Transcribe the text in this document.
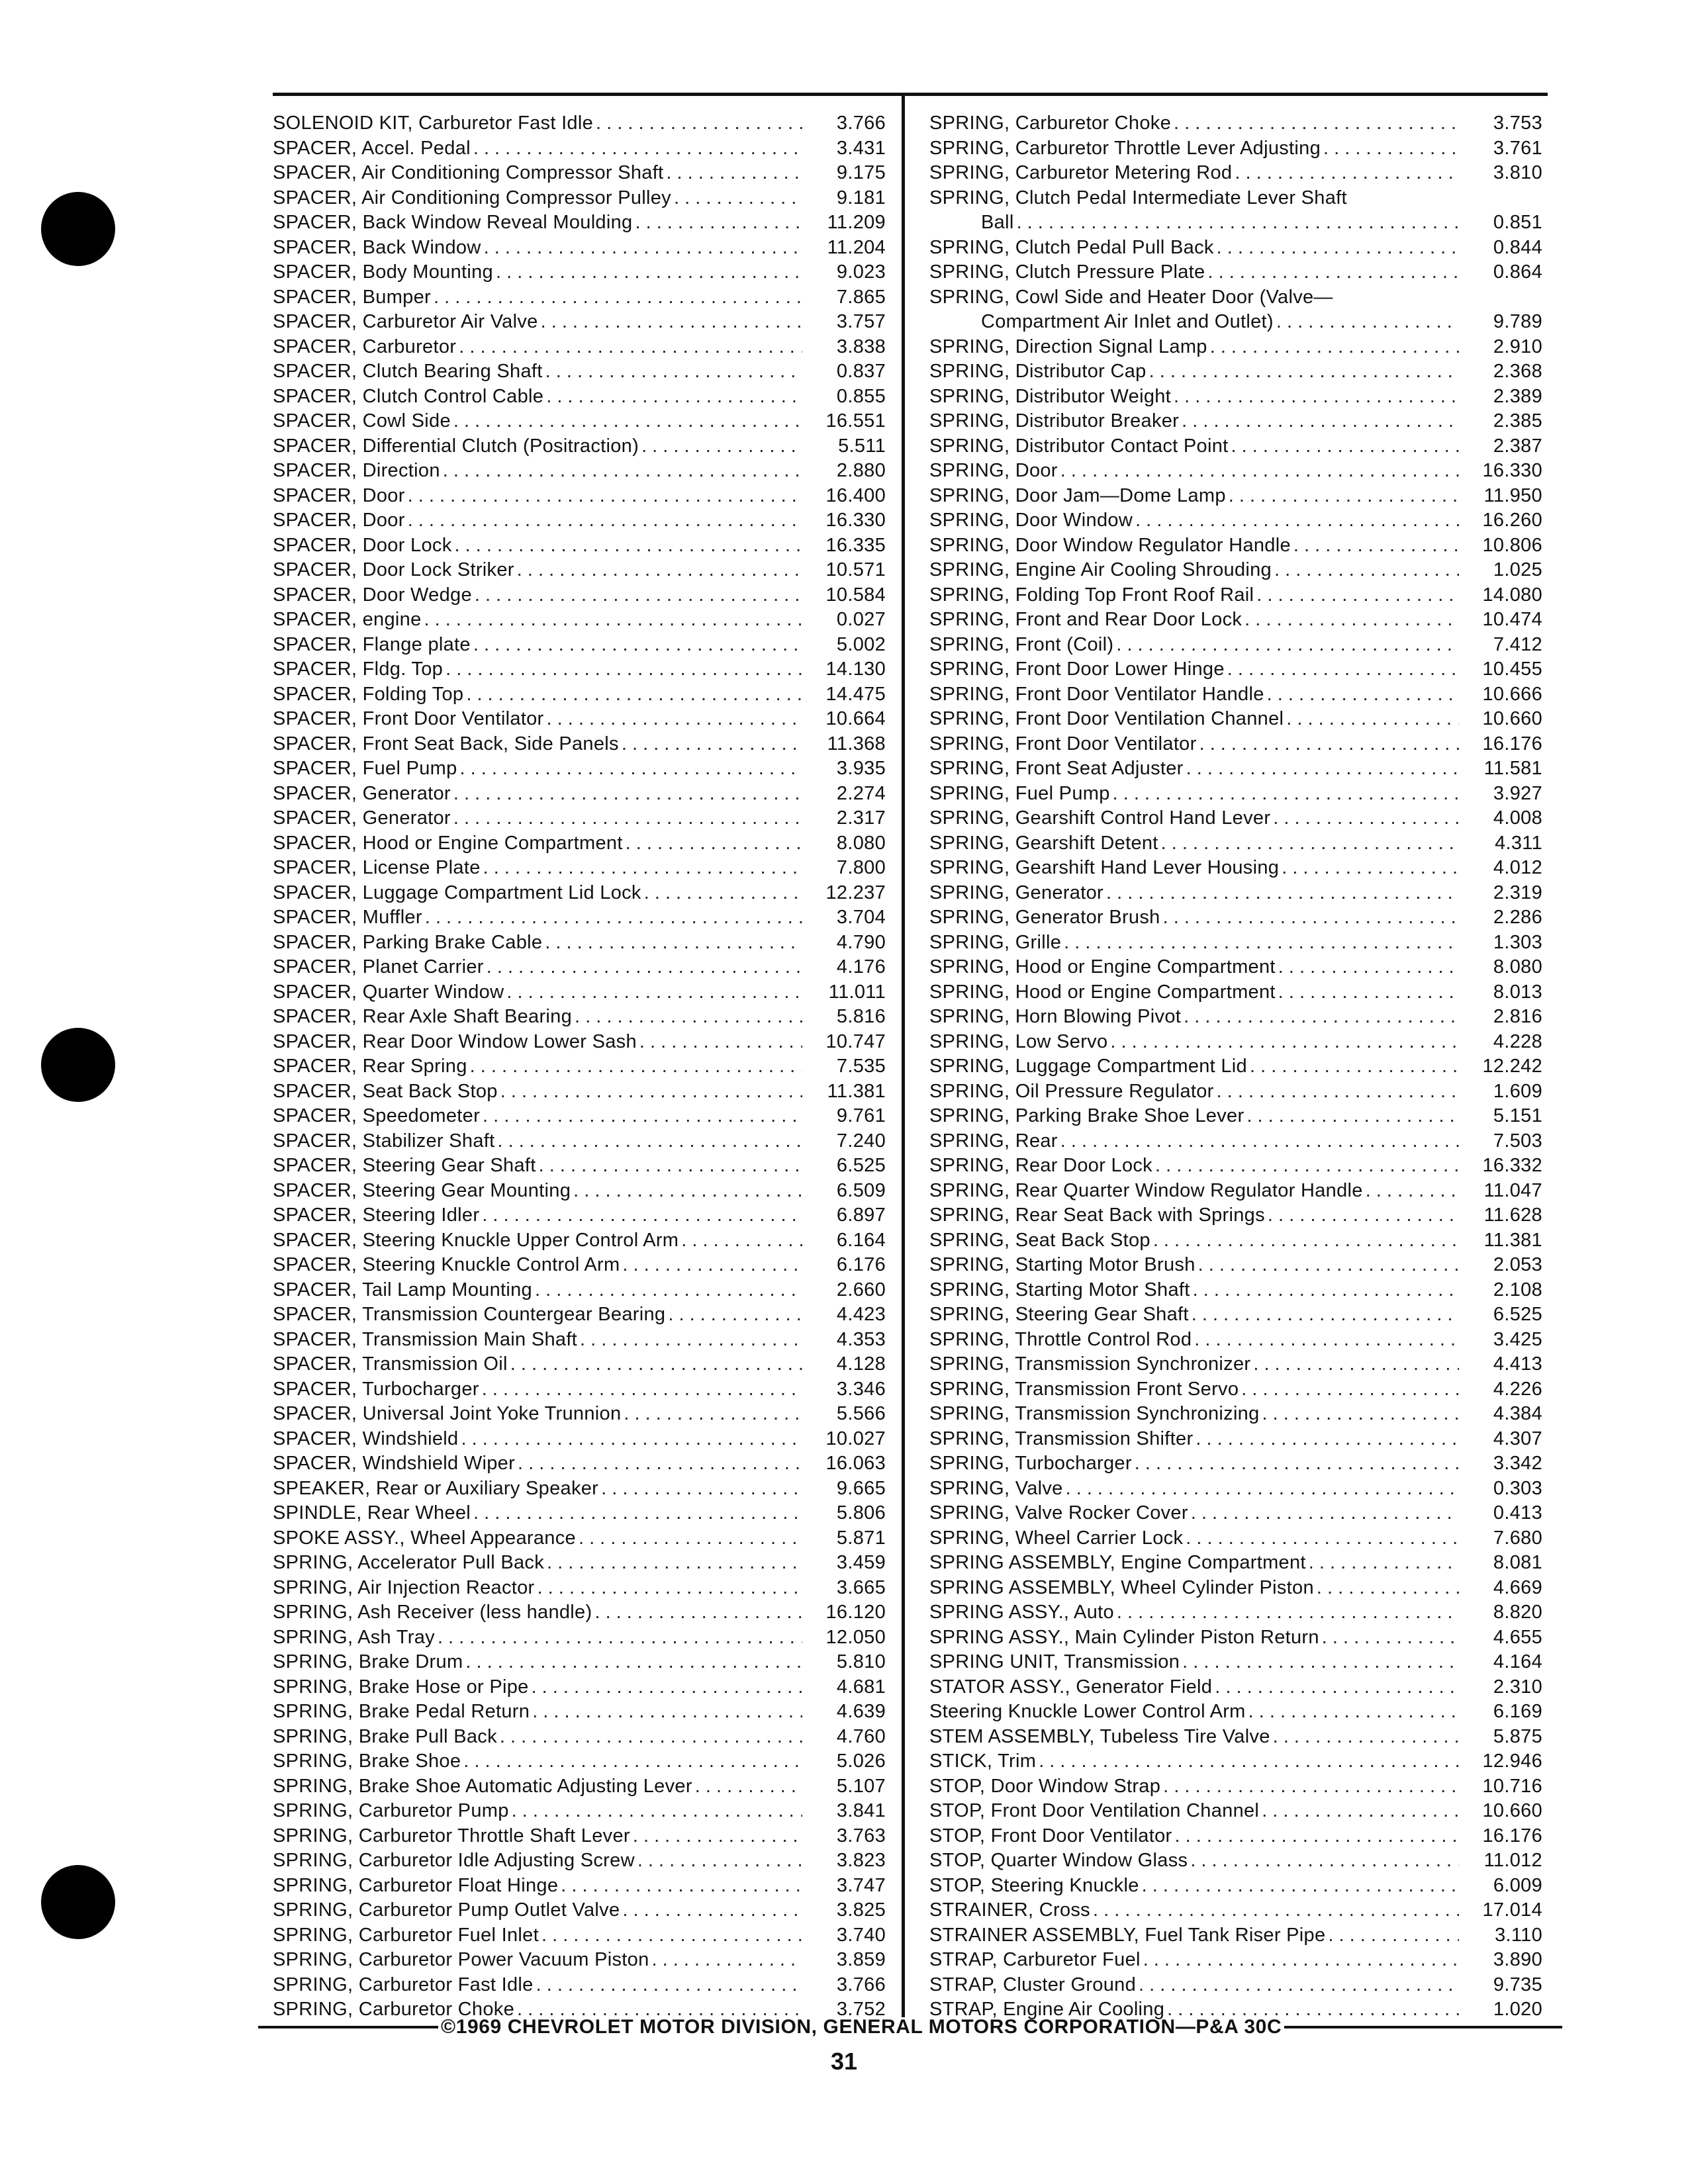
SOLENOID KIT, Carburetor Fast Idle . . .	3.766
SPACER, Accel. Pedal . . .	3.431
SPACER, Air Conditioning Compressor Shaft . . .	9.175
SPACER, Air Conditioning Compressor Pulley . . .	9.181
SPACER, Back Window Reveal Moulding . . .	11.209
SPACER, Back Window . . .	11.204
SPACER, Body Mounting . . .	9.023
SPACER, Bumper . . .	7.865
SPACER, Carburetor Air Valve . . .	3.757
SPACER, Carburetor . . .	3.838
SPACER, Clutch Bearing Shaft . . .	0.837
SPACER, Clutch Control Cable . . .	0.855
SPACER, Cowl Side . . .	16.551
SPACER, Differential Clutch (Positraction) . . .	5.511
SPACER, Direction . . .	2.880
SPACER, Door . . .	16.400
SPACER, Door . . .	16.330
SPACER, Door Lock . . .	16.335
SPACER, Door Lock Striker . . .	10.571
SPACER, Door Wedge . . .	10.584
SPACER, engine . . .	0.027
SPACER, Flange plate . . .	5.002
SPACER, Fldg. Top . . .	14.130
SPACER, Folding Top . . .	14.475
SPACER, Front Door Ventilator . . .	10.664
SPACER, Front Seat Back, Side Panels . . .	11.368
SPACER, Fuel Pump . . .	3.935
SPACER, Generator . . .	2.274
SPACER, Generator . . .	2.317
SPACER, Hood or Engine Compartment . . .	8.080
SPACER, License Plate . . .	7.800
SPACER, Luggage Compartment Lid Lock . . .	12.237
SPACER, Muffler . . .	3.704
SPACER, Parking Brake Cable . . .	4.790
SPACER, Planet Carrier . . .	4.176
SPACER, Quarter Window . . .	11.011
SPACER, Rear Axle Shaft Bearing . . .	5.816
SPACER, Rear Door Window Lower Sash . . .	10.747
SPACER, Rear Spring . . .	7.535
SPACER, Seat Back Stop . . .	11.381
SPACER, Speedometer . . .	9.761
SPACER, Stabilizer Shaft . . .	7.240
SPACER, Steering Gear Shaft . . .	6.525
SPACER, Steering Gear Mounting . . .	6.509
SPACER, Steering Idler . . .	6.897
SPACER, Steering Knuckle Upper Control Arm . . .	6.164
SPACER, Steering Knuckle Control Arm . . .	6.176
SPACER, Tail Lamp Mounting . . .	2.660
SPACER, Transmission Countergear Bearing . . .	4.423
SPACER, Transmission Main Shaft . . .	4.353
SPACER, Transmission Oil . . .	4.128
SPACER, Turbocharger . . .	3.346
SPACER, Universal Joint Yoke Trunnion . . .	5.566
SPACER, Windshield . . .	10.027
SPACER, Windshield Wiper . . .	16.063
SPEAKER, Rear or Auxiliary Speaker . . .	9.665
SPINDLE, Rear Wheel . . .	5.806
SPOKE ASSY., Wheel Appearance . . .	5.871
SPRING, Accelerator Pull Back . . .	3.459
SPRING, Air Injection Reactor . . .	3.665
SPRING, Ash Receiver (less handle) . . .	16.120
SPRING, Ash Tray . . .	12.050
SPRING, Brake Drum . . .	5.810
SPRING, Brake Hose or Pipe . . .	4.681
SPRING, Brake Pedal Return . . .	4.639
SPRING, Brake Pull Back . . .	4.760
SPRING, Brake Shoe . . .	5.026
SPRING, Brake Shoe Automatic Adjusting Lever . . .	5.107
SPRING, Carburetor Pump . . .	3.841
SPRING, Carburetor Throttle Shaft Lever . . .	3.763
SPRING, Carburetor Idle Adjusting Screw . . .	3.823
SPRING, Carburetor Float Hinge . . .	3.747
SPRING, Carburetor Pump Outlet Valve . . .	3.825
SPRING, Carburetor Fuel Inlet . . .	3.740
SPRING, Carburetor Power Vacuum Piston . . .	3.859
SPRING, Carburetor Fast Idle . . .	3.766
SPRING, Carburetor Choke . . .	3.752
SPRING, Carburetor Choke . . .	3.753
SPRING, Carburetor Throttle Lever Adjusting . . .	3.761
SPRING, Carburetor Metering Rod . . .	3.810
SPRING, Clutch Pedal Intermediate Lever Shaft
Ball . . .	0.851
SPRING, Clutch Pedal Pull Back . . .	0.844
SPRING, Clutch Pressure Plate . . .	0.864
SPRING, Cowl Side and Heater Door (Valve—
Compartment Air Inlet and Outlet) . . .	9.789
SPRING, Direction Signal Lamp . . .	2.910
SPRING, Distributor Cap . . .	2.368
SPRING, Distributor Weight . . .	2.389
SPRING, Distributor Breaker . . .	2.385
SPRING, Distributor Contact Point . . .	2.387
SPRING, Door . . .	16.330
SPRING, Door Jam—Dome Lamp . . .	11.950
SPRING, Door Window . . .	16.260
SPRING, Door Window Regulator Handle . . .	10.806
SPRING, Engine Air Cooling Shrouding . . .	1.025
SPRING, Folding Top Front Roof Rail . . .	14.080
SPRING, Front and Rear Door Lock . . .	10.474
SPRING, Front (Coil) . . .	7.412
SPRING, Front Door Lower Hinge . . .	10.455
SPRING, Front Door Ventilator Handle . . .	10.666
SPRING, Front Door Ventilation Channel . . .	10.660
SPRING, Front Door Ventilator . . .	16.176
SPRING, Front Seat Adjuster . . .	11.581
SPRING, Fuel Pump . . .	3.927
SPRING, Gearshift Control Hand Lever . . .	4.008
SPRING, Gearshift Detent . . .	4.311
SPRING, Gearshift Hand Lever Housing . . .	4.012
SPRING, Generator . . .	2.319
SPRING, Generator Brush . . .	2.286
SPRING, Grille . . .	1.303
SPRING, Hood or Engine Compartment . . .	8.080
SPRING, Hood or Engine Compartment . . .	8.013
SPRING, Horn Blowing Pivot . . .	2.816
SPRING, Low Servo . . .	4.228
SPRING, Luggage Compartment Lid . . .	12.242
SPRING, Oil Pressure Regulator . . .	1.609
SPRING, Parking Brake Shoe Lever . . .	5.151
SPRING, Rear . . .	7.503
SPRING, Rear Door Lock . . .	16.332
SPRING, Rear Quarter Window Regulator Handle . . .	11.047
SPRING, Rear Seat Back with Springs . . .	11.628
SPRING, Seat Back Stop . . .	11.381
SPRING, Starting Motor Brush . . .	2.053
SPRING, Starting Motor Shaft . . .	2.108
SPRING, Steering Gear Shaft . . .	6.525
SPRING, Throttle Control Rod . . .	3.425
SPRING, Transmission Synchronizer . . .	4.413
SPRING, Transmission Front Servo . . .	4.226
SPRING, Transmission Synchronizing . . .	4.384
SPRING, Transmission Shifter . . .	4.307
SPRING, Turbocharger . . .	3.342
SPRING, Valve . . .	0.303
SPRING, Valve Rocker Cover . . .	0.413
SPRING, Wheel Carrier Lock . . .	7.680
SPRING ASSEMBLY, Engine Compartment . . .	8.081
SPRING ASSEMBLY, Wheel Cylinder Piston . . .	4.669
SPRING ASSY., Auto . . .	8.820
SPRING ASSY., Main Cylinder Piston Return . . .	4.655
SPRING UNIT, Transmission . . .	4.164
STATOR ASSY., Generator Field . . .	2.310
Steering Knuckle Lower Control Arm . . .	6.169
STEM ASSEMBLY, Tubeless Tire Valve . . .	5.875
STICK, Trim . . .	12.946
STOP, Door Window Strap . . .	10.716
STOP, Front Door Ventilation Channel . . .	10.660
STOP, Front Door Ventilator . . .	16.176
STOP, Quarter Window Glass . . .	11.012
STOP, Steering Knuckle . . .	6.009
STRAINER, Cross . . .	17.014
STRAINER ASSEMBLY, Fuel Tank Riser Pipe . . .	3.110
STRAP, Carburetor Fuel . . .	3.890
STRAP, Cluster Ground . . .	9.735
STRAP, Engine Air Cooling . . .	1.020
©1969 CHEVROLET MOTOR DIVISION, GENERAL MOTORS CORPORATION—P&A 30C
31
